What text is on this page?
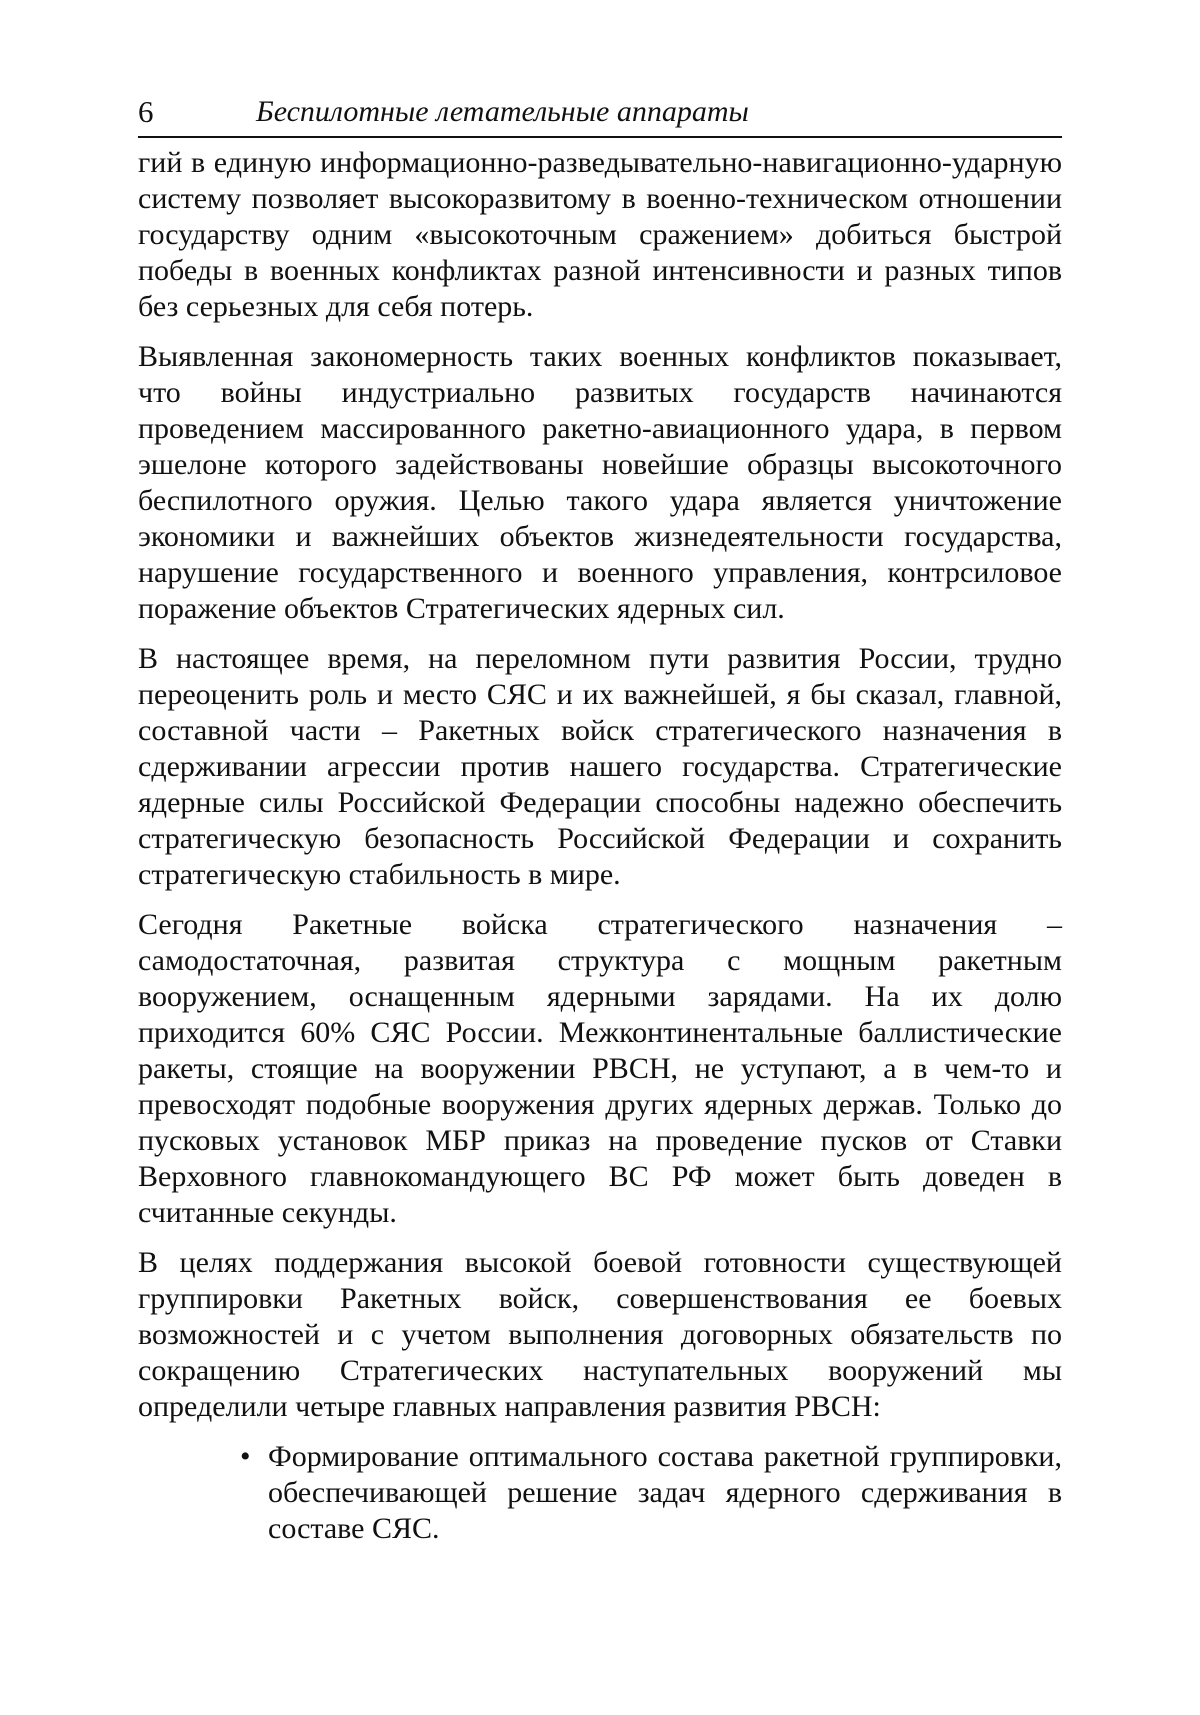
6	Беспилотные летательные аппараты

гий в единую информационно-разведывательно-навигационно-ударную систему позволяет высокоразвитому в военно-техническом отношении государству одним «высокоточным сражением» добиться быстрой победы в военных конфликтах разной интенсивности и разных типов без серьезных для себя потерь.

Выявленная закономерность таких военных конфликтов показывает, что войны индустриально развитых государств начинаются проведением массированного ракетно-авиационного удара, в первом эшелоне которого задействованы новейшие образцы высокоточного беспилотного оружия. Целью такого удара является уничтожение экономики и важнейших объектов жизнедеятельности государства, нарушение государственного и военного управления, контрсиловое поражение объектов Стратегических ядерных сил.

В настоящее время, на переломном пути развития России, трудно переоценить роль и место СЯС и их важнейшей, я бы сказал, главной, составной части – Ракетных войск стратегического назначения в сдерживании агрессии против нашего государства. Стратегические ядерные силы Российской Федерации способны надежно обеспечить стратегическую безопасность Российской Федерации и сохранить стратегическую стабильность в мире.

Сегодня Ракетные войска стратегического назначения – самодостаточная, развитая структура с мощным ракетным вооружением, оснащенным ядерными зарядами. На их долю приходится 60% СЯС России. Межконтинентальные баллистические ракеты, стоящие на вооружении РВСН, не уступают, а в чем-то и превосходят подобные вооружения других ядерных держав. Только до пусковых установок МБР приказ на проведение пусков от Ставки Верховного главнокомандующего ВС РФ может быть доведен в считанные секунды.

В целях поддержания высокой боевой готовности существующей группировки Ракетных войск, совершенствования ее боевых возможностей и с учетом выполнения договорных обязательств по сокращению Стратегических наступательных вооружений мы определили четыре главных направления развития РВСН:

• Формирование оптимального состава ракетной группировки, обеспечивающей решение задач ядерного сдерживания в составе СЯС.
